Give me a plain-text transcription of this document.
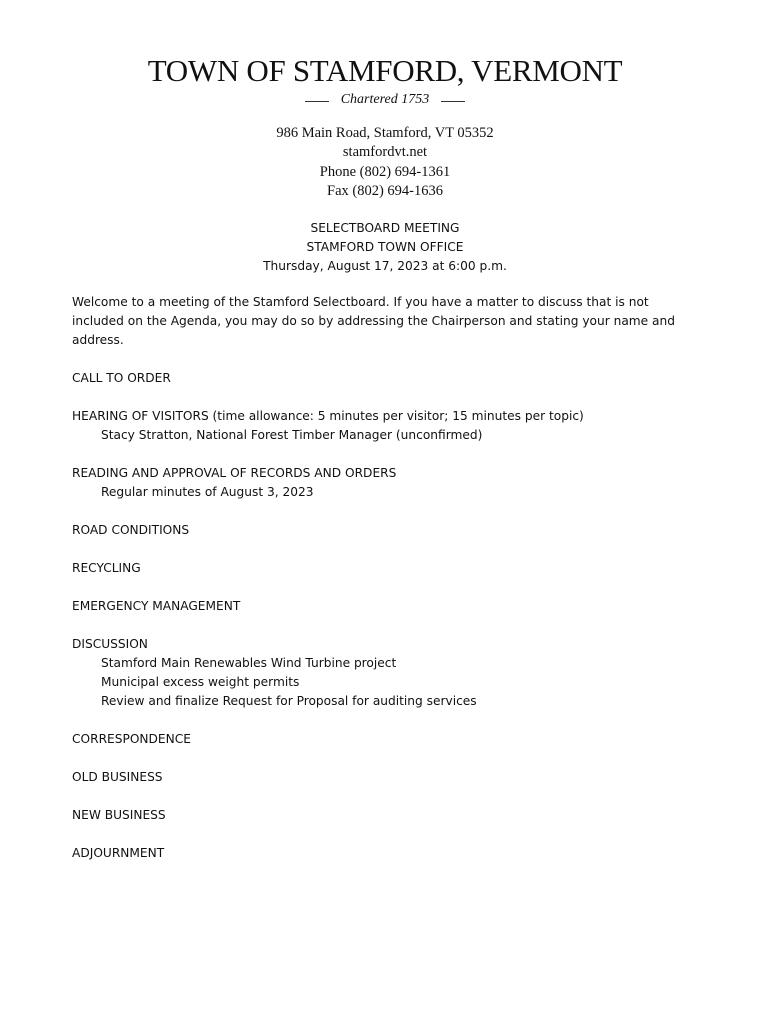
TOWN OF STAMFORD, VERMONT
Chartered 1753
986 Main Road, Stamford, VT 05352
stamfordvt.net
Phone (802) 694-1361
Fax (802) 694-1636
SELECTBOARD MEETING
STAMFORD TOWN OFFICE
Thursday, August 17, 2023 at 6:00 p.m.

Welcome to a meeting of the Stamford Selectboard. If you have a matter to discuss that is not
included on the Agenda, you may do so by addressing the Chairperson and stating your name and
address.

CALL TO ORDER
HEARING OF VISITORS (time allowance: 5 minutes per visitor; 15 minutes per topic)
Stacy Stratton, National Forest Timber Manager (unconfirmed)
READING AND APPROVAL OF RECORDS AND ORDERS
Regular minutes of August 3, 2023
ROAD CONDITIONS
RECYCLING
EMERGENCY MANAGEMENT
DISCUSSION
Stamford Main Renewables Wind Turbine project
Municipal excess weight permits
Review and finalize Request for Proposal for auditing services
CORRESPONDENCE
OLD BUSINESS
NEW BUSINESS
ADJOURNMENT
